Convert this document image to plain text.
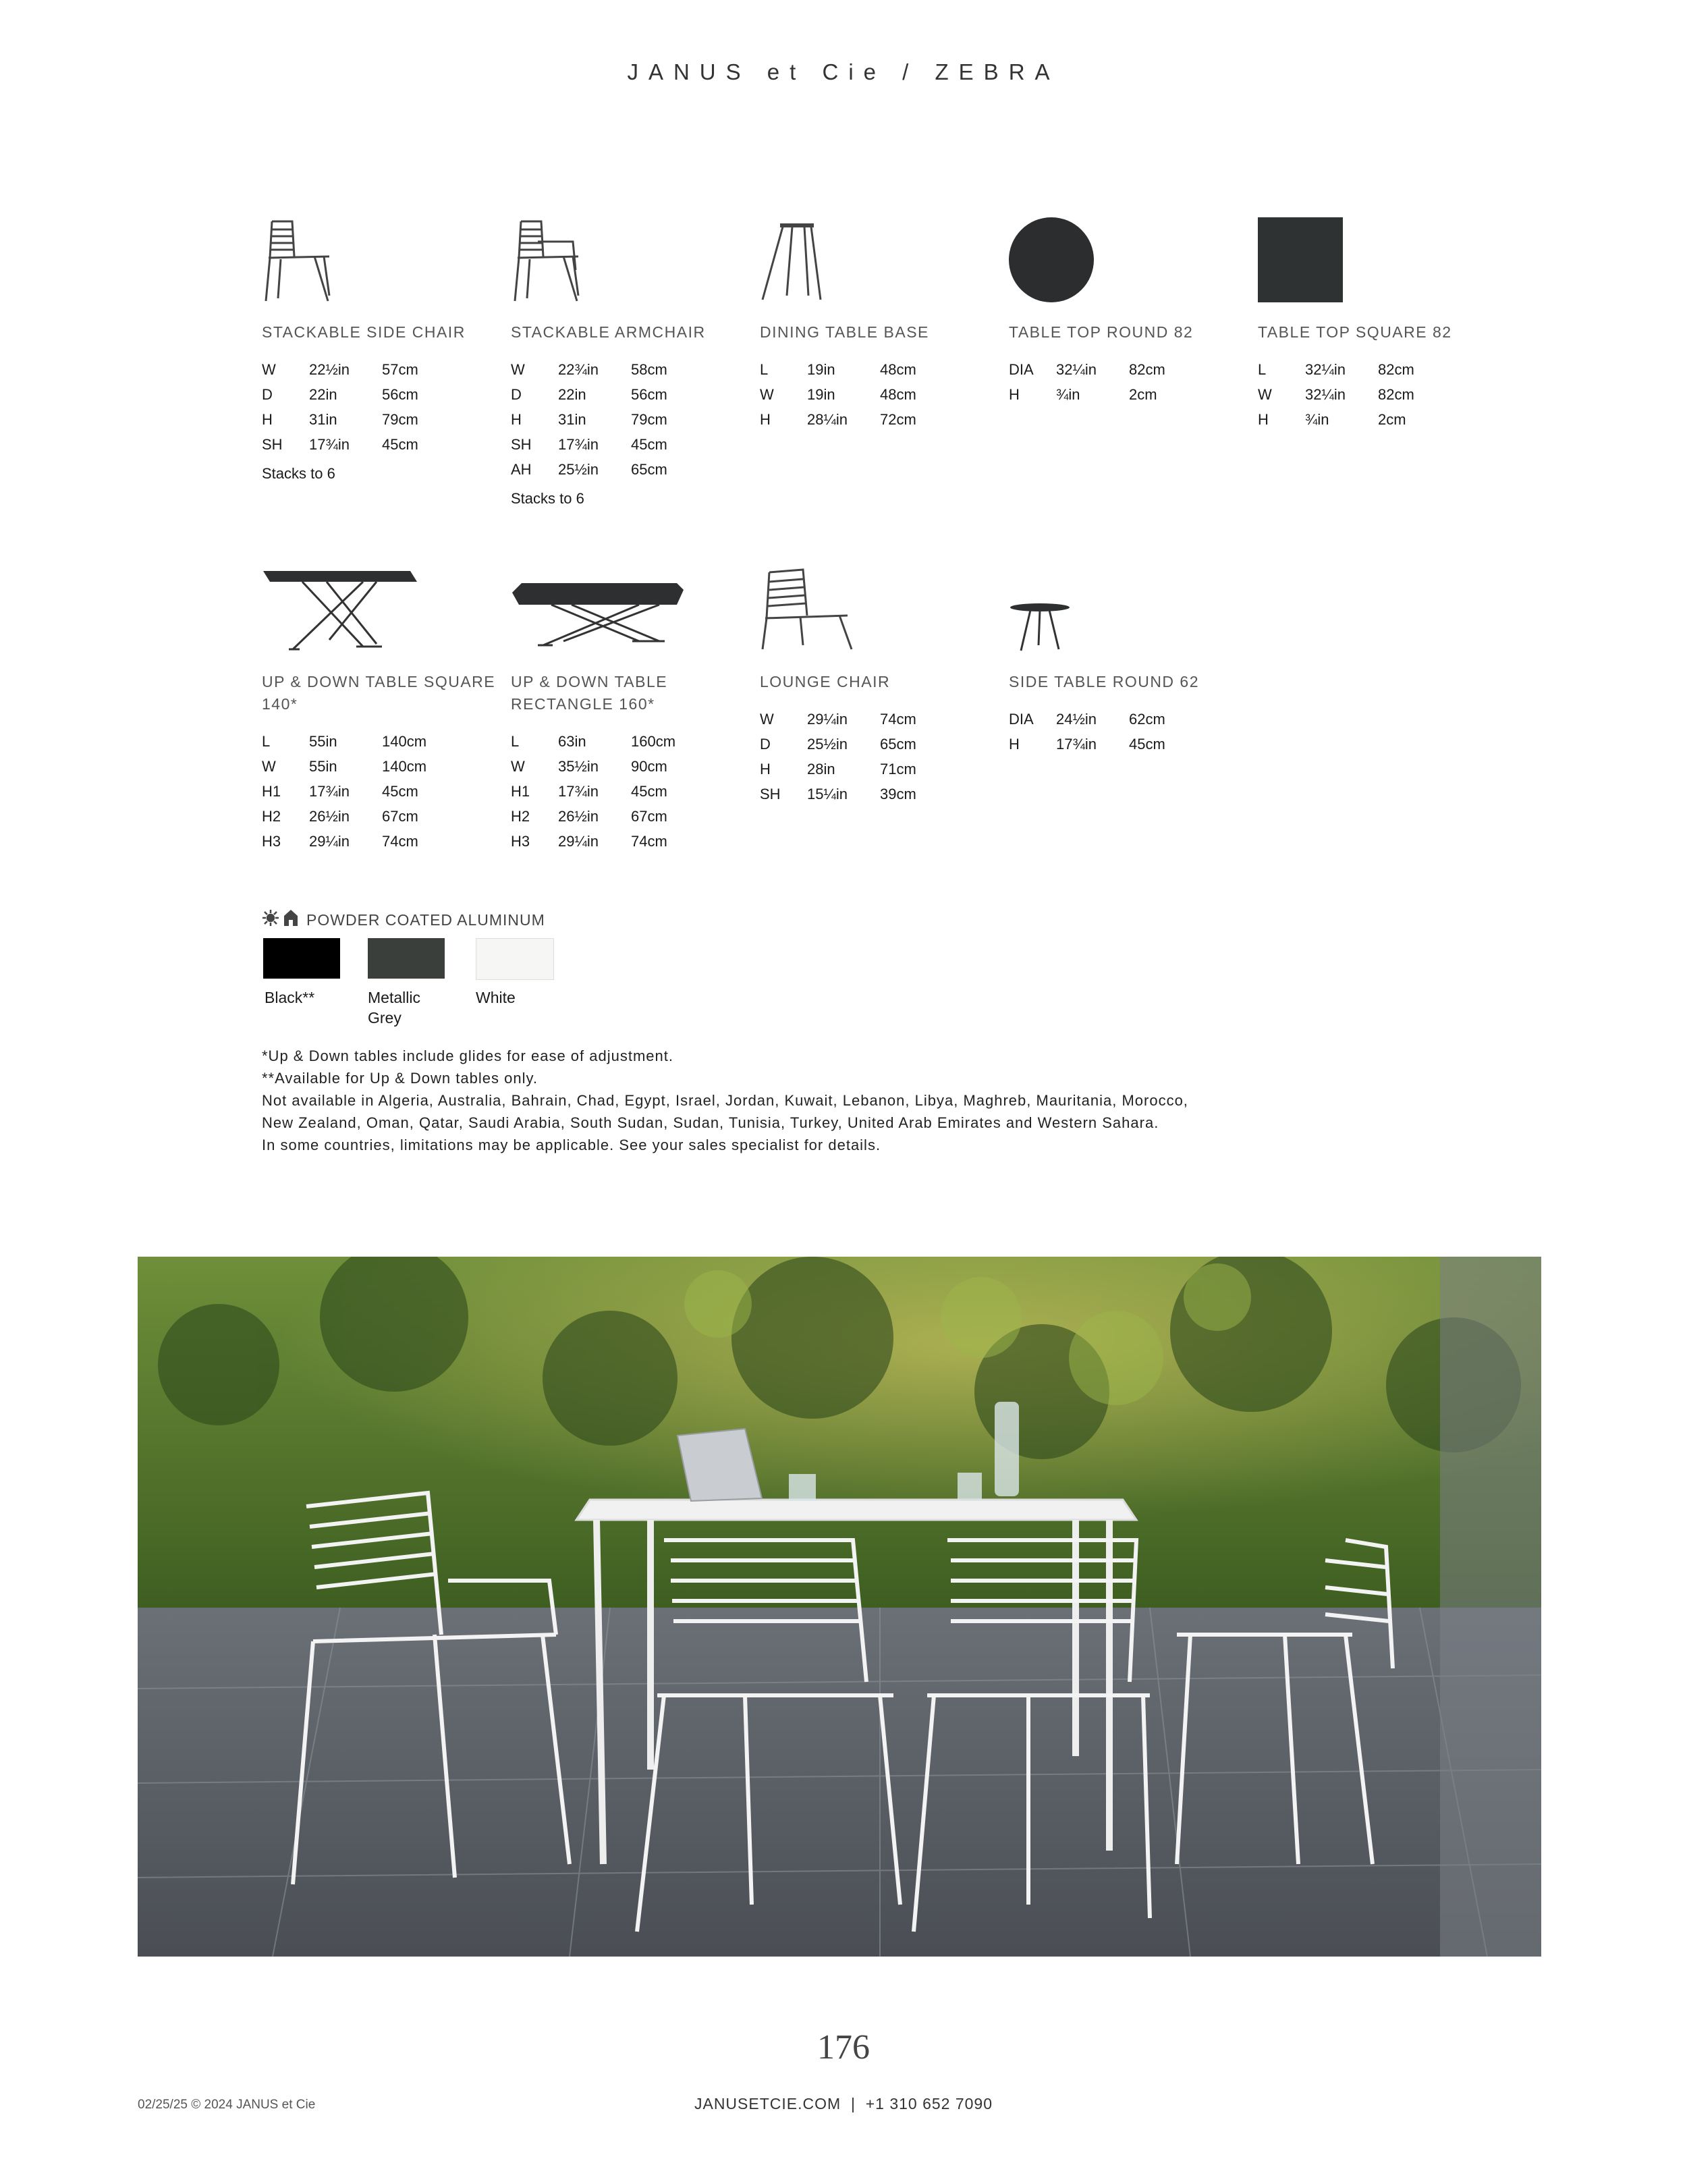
JANUS et Cie / ZEBRA
STACKABLE SIDE CHAIR
W	22½in	57cm
D	22in	56cm
H	31in	79cm
SH	17¾in	45cm
Stacks to 6
STACKABLE ARMCHAIR
W	22¾in	58cm
D	22in	56cm
H	31in	79cm
SH	17¾in	45cm
AH	25½in	65cm
Stacks to 6
DINING TABLE BASE
L	19in	48cm
W	19in	48cm
H	28¼in	72cm
TABLE TOP ROUND 82
DIA	32¼in	82cm
H	¾in	2cm
TABLE TOP SQUARE 82
L	32¼in	82cm
W	32¼in	82cm
H	¾in	2cm
UP & DOWN TABLE SQUARE 140*
L	55in	140cm
W	55in	140cm
H1	17¾in	45cm
H2	26½in	67cm
H3	29¼in	74cm
UP & DOWN TABLE RECTANGLE 160*
L	63in	160cm
W	35½in	90cm
H1	17¾in	45cm
H2	26½in	67cm
H3	29¼in	74cm
LOUNGE CHAIR
W	29¼in	74cm
D	25½in	65cm
H	28in	71cm
SH	15¼in	39cm
SIDE TABLE ROUND 62
DIA	24½in	62cm
H	17¾in	45cm
POWDER COATED ALUMINUM
Black**	Metallic Grey
White
*Up & Down tables include glides for ease of adjustment.
**Available for Up & Down tables only.
Not available in Algeria, Australia, Bahrain, Chad, Egypt, Israel, Jordan, Kuwait, Lebanon, Libya, Maghreb, Mauritania, Morocco,
New Zealand, Oman, Qatar, Saudi Arabia, South Sudan, Sudan, Tunisia, Turkey, United Arab Emirates and Western Sahara.
In some countries, limitations may be applicable. See your sales specialist for details.
176
02/25/25 © 2024 JANUS et Cie	JANUSETCIE.COM  |  +1 310 652 7090
